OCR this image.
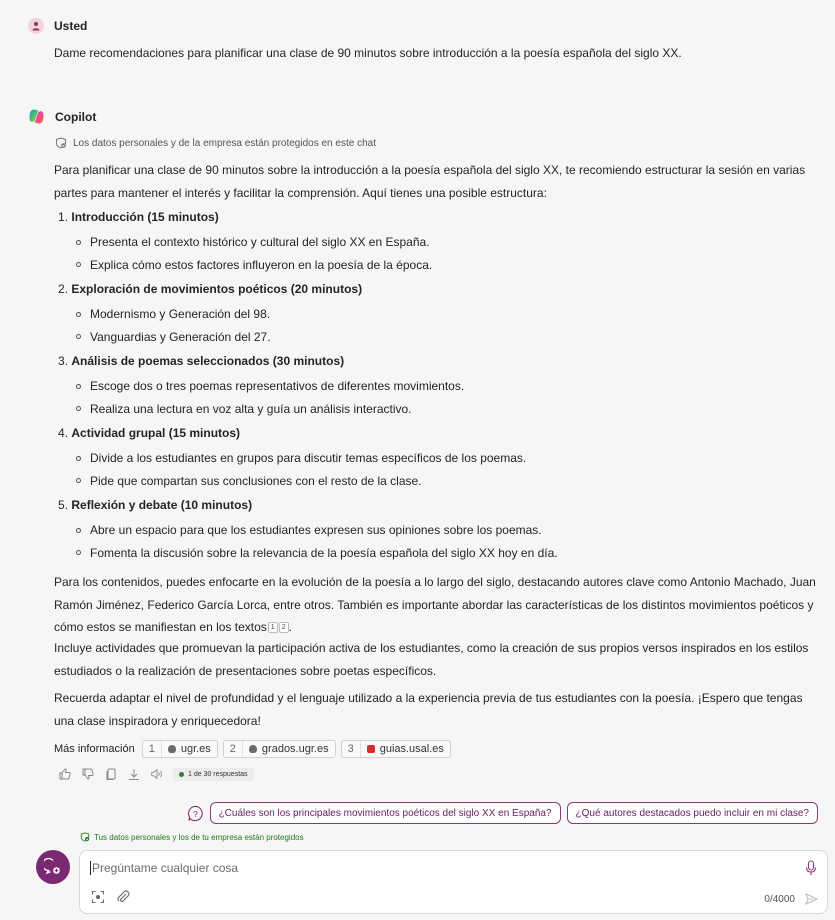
Usted
Dame recomendaciones para planificar una clase de 90 minutos sobre introducción a la poesía española del siglo XX.
Copilot
Los datos personales y de la empresa están protegidos en este chat

Para planificar una clase de 90 minutos sobre la introducción a la poesía española del siglo XX, te recomiendo estructurar la sesión en varias partes para mantener el interés y facilitar la comprensión. Aquí tienes una posible estructura:

1. Introducción (15 minutos)
Presenta el contexto histórico y cultural del siglo XX en España.
Explica cómo estos factores influyeron en la poesía de la época.
2. Exploración de movimientos poéticos (20 minutos)
Modernismo y Generación del 98.
Vanguardias y Generación del 27.
3. Análisis de poemas seleccionados (30 minutos)
Escoge dos o tres poemas representativos de diferentes movimientos.
Realiza una lectura en voz alta y guía un análisis interactivo.
4. Actividad grupal (15 minutos)
Divide a los estudiantes en grupos para discutir temas específicos de los poemas.
Pide que compartan sus conclusiones con el resto de la clase.
5. Reflexión y debate (10 minutos)
Abre un espacio para que los estudiantes expresen sus opiniones sobre los poemas.
Fomenta la discusión sobre la relevancia de la poesía española del siglo XX hoy en día.

Para los contenidos, puedes enfocarte en la evolución de la poesía a lo largo del siglo, destacando autores clave como Antonio Machado, Juan Ramón Jiménez, Federico García Lorca, entre otros. También es importante abordar las características de los distintos movimientos poéticos y cómo estos se manifiestan en los textos 1 2 .

Incluye actividades que promuevan la participación activa de los estudiantes, como la creación de sus propios versos inspirados en los estilos estudiados o la realización de presentaciones sobre poetas específicos.

Recuerda adaptar el nivel de profundidad y el lenguaje utilizado a la experiencia previa de tus estudiantes con la poesía. ¡Espero que tengas una clase inspiradora y enriquecedora!

Más información	1	ugr.es	2	grados.ugr.es	3	guias.usal.es
1 de 30 respuestas
?	¿Cuáles son los principales movimientos poéticos del siglo XX en España?	¿Qué autores destacados puedo incluir en mi clase?
Tus datos personales y los de tu empresa están protegidos
Pregúntame cualquier cosa
0/4000
